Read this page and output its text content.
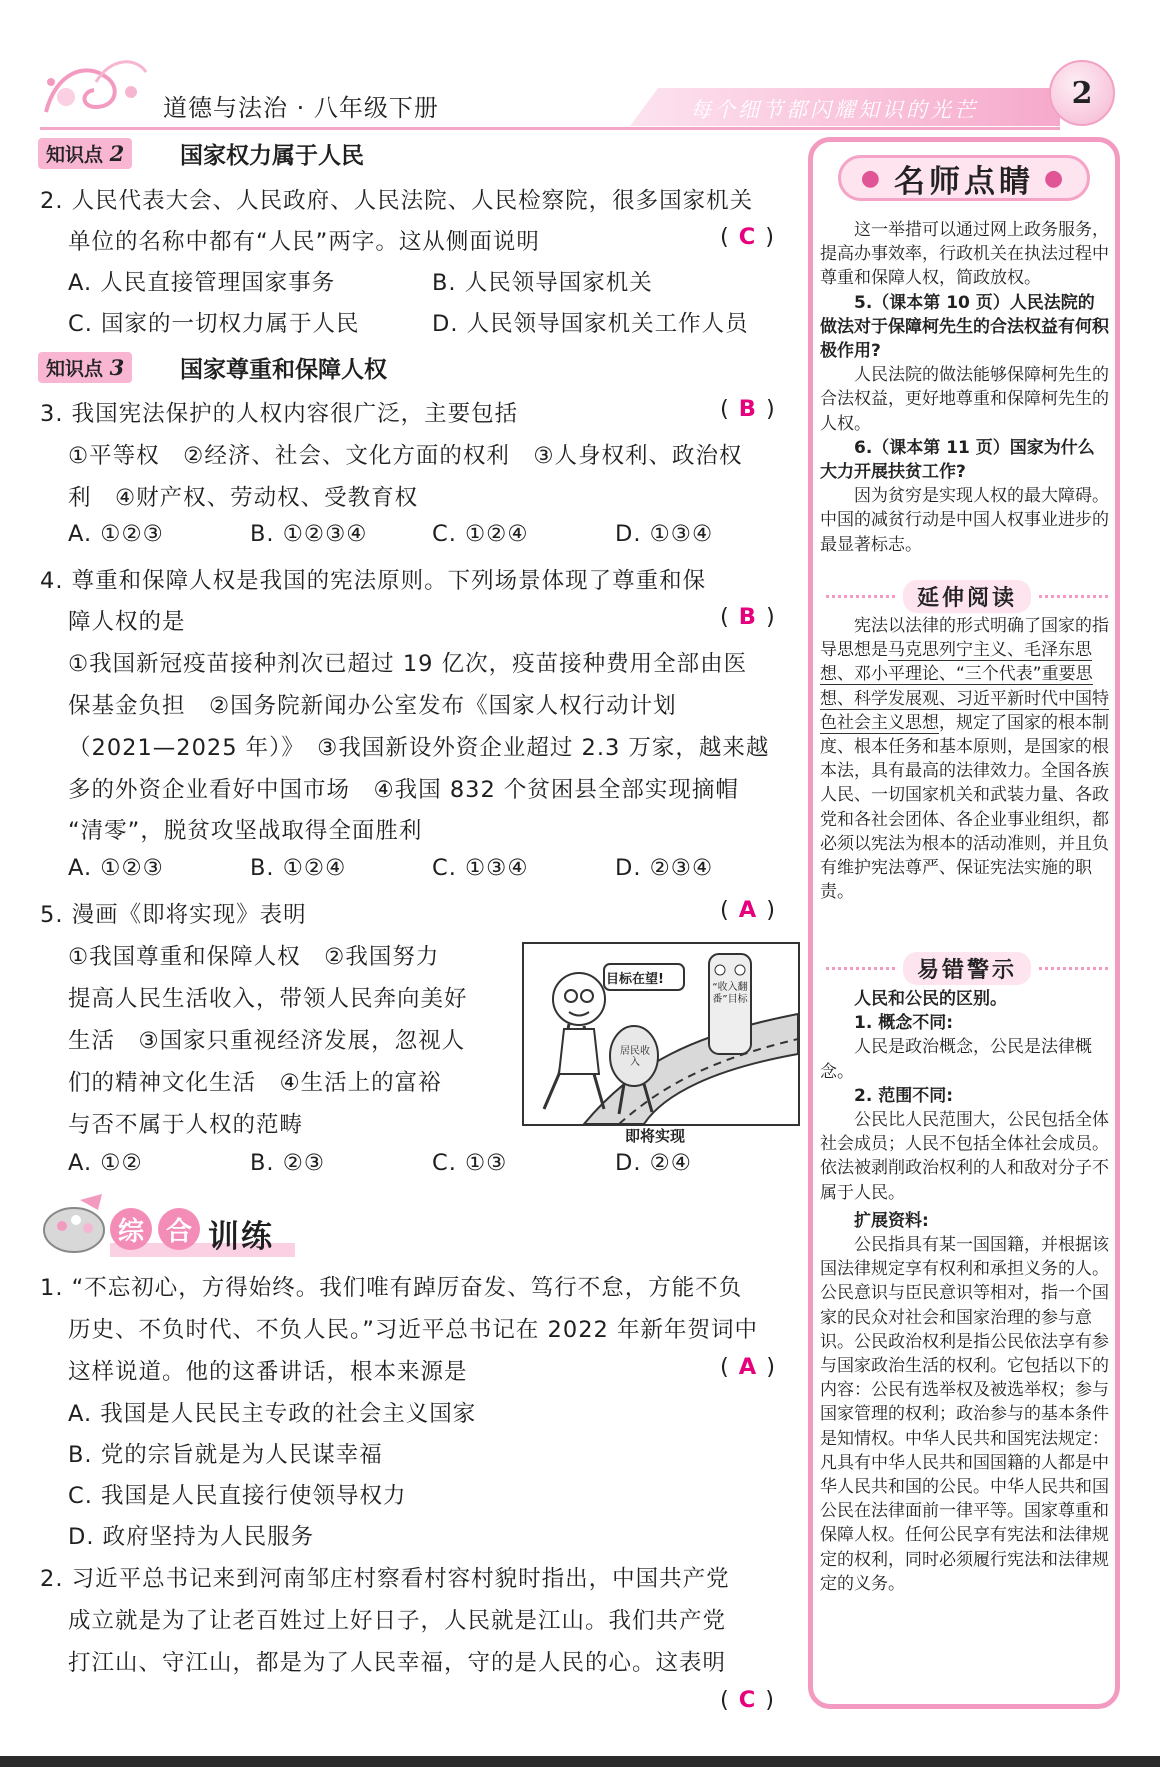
道德与法治 · 八年级下册	每个细节都闪耀知识的光芒	2
知识点 2	国家权力属于人民
2. 人民代表大会、人民政府、人民法院、人民检察院，很多国家机关
单位的名称中都有“人民”两字。这从侧面说明	( C )
A. 人民直接管理国家事务	B. 人民领导国家机关
C. 国家的一切权力属于人民	D. 人民领导国家机关工作人员
知识点 3	国家尊重和保障人权
3. 我国宪法保护的人权内容很广泛，主要包括	( B )
①平等权　②经济、社会、文化方面的权利　③人身权利、政治权
利　④财产权、劳动权、受教育权
A. ①②③	B. ①②③④	C. ①②④	D. ①③④
4. 尊重和保障人权是我国的宪法原则。下列场景体现了尊重和保
障人权的是	( B )
①我国新冠疫苗接种剂次已超过 19 亿次，疫苗接种费用全部由医
保基金负担　②国务院新闻办公室发布《国家人权行动计划
（2021—2025 年）》　③我国新设外资企业超过 2.3 万家，越来越
多的外资企业看好中国市场　④我国 832 个贫困县全部实现摘帽
“清零”，脱贫攻坚战取得全面胜利
A. ①②③	B. ①②④	C. ①③④	D. ②③④
5. 漫画《即将实现》表明	( A )
①我国尊重和保障人权　②我国努力
提高人民生活收入，带领人民奔向美好
生活　③国家只重视经济发展，忽视人
们的精神文化生活　④生活上的富裕
与否不属于人权的范畴
A. ①②	B. ②③	C. ①③	D. ②④
目标在望!
“收入翻番”目标
居民收入
即将实现
综 合 训练
1. “不忘初心，方得始终。我们唯有踔厉奋发、笃行不怠，方能不负
历史、不负时代、不负人民。”习近平总书记在 2022 年新年贺词中
这样说道。他的这番讲话，根本来源是	( A )
A. 我国是人民民主专政的社会主义国家
B. 党的宗旨就是为人民谋幸福
C. 我国是人民直接行使领导权力
D. 政府坚持为人民服务
2. 习近平总书记来到河南邹庄村察看村容村貌时指出，中国共产党
成立就是为了让老百姓过上好日子，人民就是江山。我们共产党
打江山、守江山，都是为了人民幸福，守的是人民的心。这表明
( C )
● 名师点睛 ●

这一举措可以通过网上政务服务，提高办事效率，行政机关在执法过程中尊重和保障人权，简政放权。

5.（课本第 10 页）人民法院的做法对于保障柯先生的合法权益有何积极作用?

人民法院的做法能够保障柯先生的合法权益，更好地尊重和保障柯先生的人权。

6.（课本第 11 页）国家为什么大力开展扶贫工作?

因为贫穷是实现人权的最大障碍。中国的减贫行动是中国人权事业进步的最显著标志。

延伸阅读

宪法以法律的形式明确了国家的指导思想是马克思列宁主义、毛泽东思想、邓小平理论、“三个代表”重要思想、科学发展观、习近平新时代中国特色社会主义思想，规定了国家的根本制度、根本任务和基本原则，是国家的根本法，具有最高的法律效力。全国各族人民、一切国家机关和武装力量、各政党和各社会团体、各企业事业组织，都必须以宪法为根本的活动准则，并且负有维护宪法尊严、保证宪法实施的职责。

易错警示

人民和公民的区别。

1. 概念不同:

人民是政治概念，公民是法律概念。

2. 范围不同:

公民比人民范围大，公民包括全体社会成员；人民不包括全体社会成员。依法被剥削政治权利的人和敌对分子不属于人民。

扩展资料:

公民指具有某一国国籍，并根据该国法律规定享有权利和承担义务的人。公民意识与臣民意识等相对，指一个国家的民众对社会和国家治理的参与意识。公民政治权利是指公民依法享有参与国家政治生活的权利。它包括以下的内容：公民有选举权及被选举权；参与国家管理的权利；政治参与的基本条件是知情权。中华人民共和国宪法规定：凡具有中华人民共和国国籍的人都是中华人民共和国的公民。中华人民共和国公民在法律面前一律平等。国家尊重和保障人权。任何公民享有宪法和法律规定的权利，同时必须履行宪法和法律规定的义务。
